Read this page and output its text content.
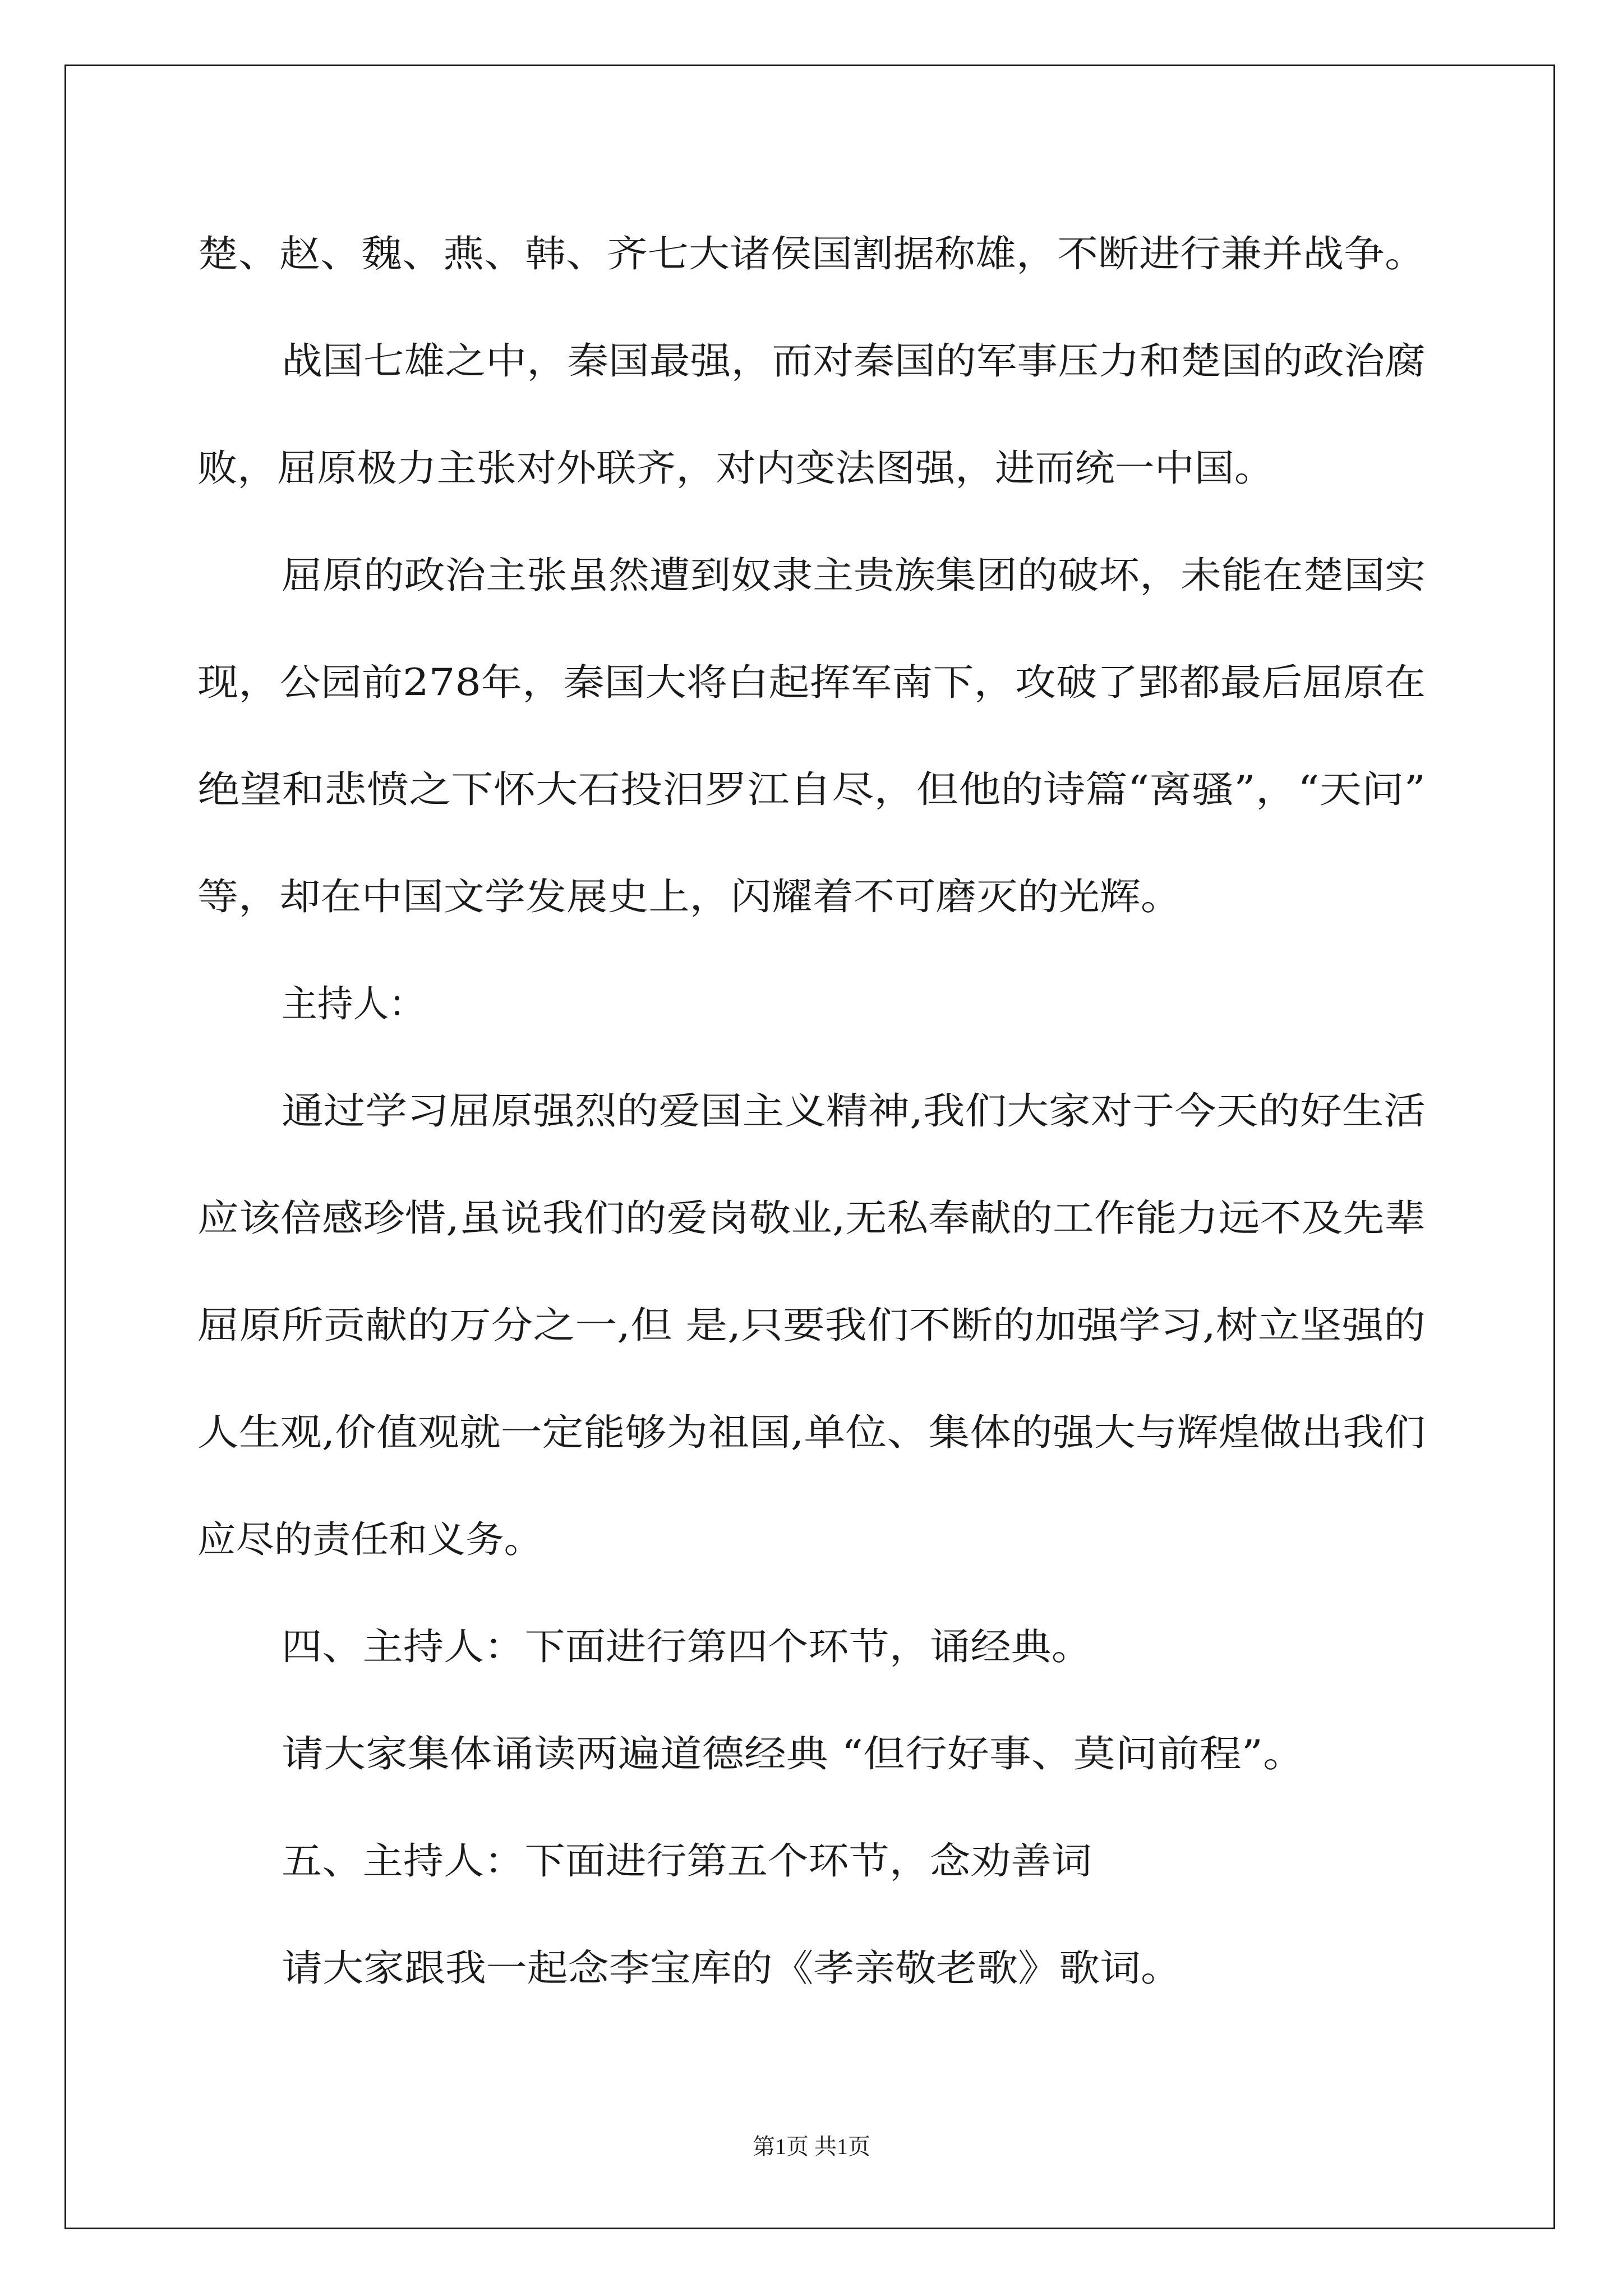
楚、赵、魏、燕、韩、齐七大诸侯国割据称雄，不断进行兼并战争。
战国七雄之中，秦国最强，而对秦国的军事压力和楚国的政治腐
败，屈原极力主张对外联齐，对内变法图强，进而统一中国。
屈原的政治主张虽然遭到奴隶主贵族集团的破坏，未能在楚国实
现，公园前278年，秦国大将白起挥军南下，攻破了郢都最后屈原在
绝望和悲愤之下怀大石投汨罗江自尽，但他的诗篇“离骚”，“天问”
等，却在中国文学发展史上，闪耀着不可磨灭的光辉。
主持人：
通过学习屈原强烈的爱国主义精神,我们大家对于今天的好生活
应该倍感珍惜,虽说我们的爱岗敬业,无私奉献的工作能力远不及先辈
屈原所贡献的万分之一,但 是,只要我们不断的加强学习,树立坚强的
人生观,价值观就一定能够为祖国,单位、集体的强大与辉煌做出我们
应尽的责任和义务。
四、主持人：下面进行第四个环节，诵经典。
请大家集体诵读两遍道德经典 “但行好事、莫问前程”。
五、主持人：下面进行第五个环节，念劝善词
请大家跟我一起念李宝库的《孝亲敬老歌》歌词。
第1页 共1页
